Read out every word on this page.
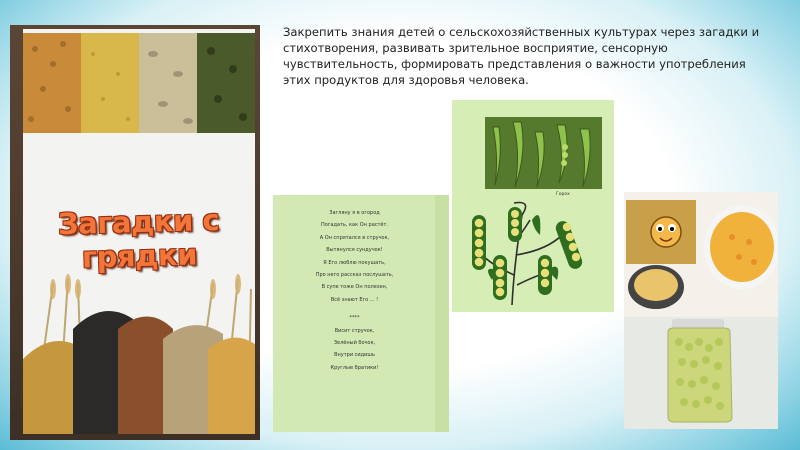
Закрепить знания детей о сельскохозяйственных культурах через загадки и стихотворения, развивать зрительное восприятие, сенсорную чувствительность, формировать представления о важности употребления этих продуктов для здоровья человека.
Загадки с грядки
Загляну я в огород
Погадать, как Он растёт.
А Он спрятался в стручок,
Вытянулся сундучок!
Я Его люблю покушать,
Про него рассказ послушать,
В супе тоже Он полезен,
Всё знают Его ... !
****
Висит стручок,
Зелёный бочок,
Внутри сидишь
Круглые братики!
Горох
